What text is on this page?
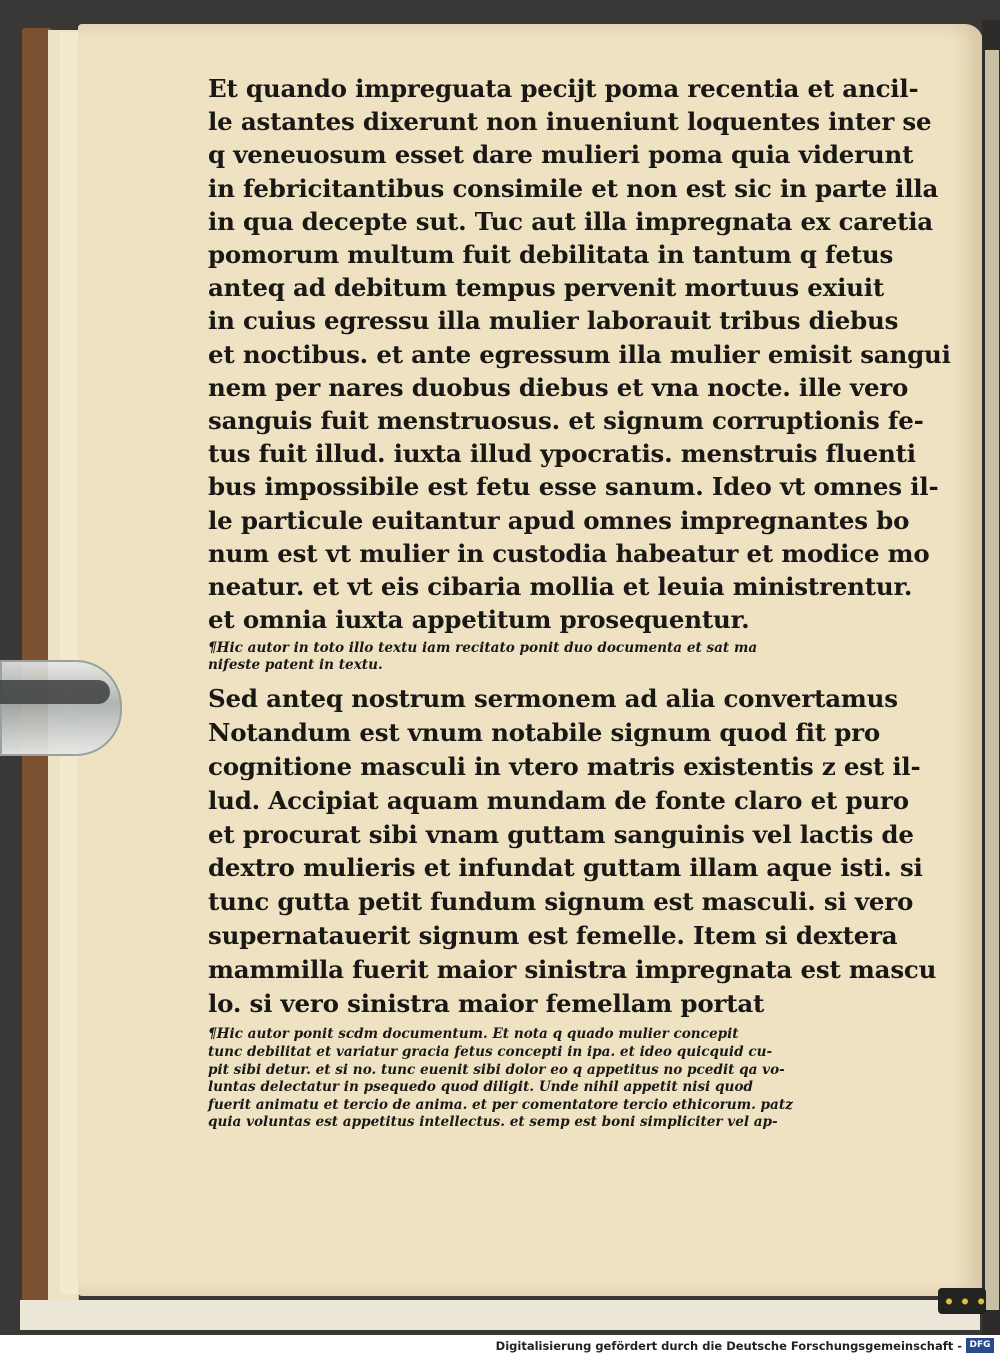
● ● ●
Et quando impreguata pecijt poma recentia et ancil-
le astantes dixerunt non inueniunt loquentes inter se
q veneuosum esset dare mulieri poma quia viderunt
in febricitantibus consimile et non est sic in parte illa
in qua decepte sut. Tuc aut illa impregnata ex caretia
pomorum multum fuit debilitata in tantum q fetus
anteq ad debitum tempus pervenit mortuus exiuit
in cuius egressu illa mulier laborauit tribus diebus
et noctibus. et ante egressum illa mulier emisit sangui
nem per nares duobus diebus et vna nocte. ille vero
sanguis fuit menstruosus. et signum corruptionis fe-
tus fuit illud. iuxta illud ypocratis. menstruis fluenti
bus impossibile est fetu esse sanum. Ideo vt omnes il-
le particule euitantur apud omnes impregnantes bo
num est vt mulier in custodia habeatur et modice mo
neatur. et vt eis cibaria mollia et leuia ministrentur.
et omnia iuxta appetitum prosequentur.
¶Hic autor in toto illo textu iam recitato ponit duo documenta et sat ma
nifeste patent in textu.
Sed anteq nostrum sermonem ad alia convertamus
Notandum est vnum notabile signum quod fit pro
cognitione masculi in vtero matris existentis z est il-
lud. Accipiat aquam mundam de fonte claro et puro
et procurat sibi vnam guttam sanguinis vel lactis de
dextro mulieris et infundat guttam illam aque isti. si
tunc gutta petit fundum signum est masculi. si vero
supernatauerit signum est femelle. Item si dextera
mammilla fuerit maior sinistra impregnata est mascu
lo. si vero sinistra maior femellam portat
¶Hic autor ponit scdm documentum. Et nota q quado mulier concepit
tunc debilitat et variatur gracia fetus concepti in ipa. et ideo quicquid cu-
pit sibi detur. et si no. tunc euenit sibi dolor eo q appetitus no pcedit qa vo-
luntas delectatur in psequedo quod diligit. Unde nihil appetit nisi quod
fuerit animatu et tercio de anima. et per comentatore tercio ethicorum. patz
quia voluntas est appetitus intellectus. et semp est boni simpliciter vel ap-
Digitalisierung gefördert durch die Deutsche Forschungsgemeinschaft - DFG
